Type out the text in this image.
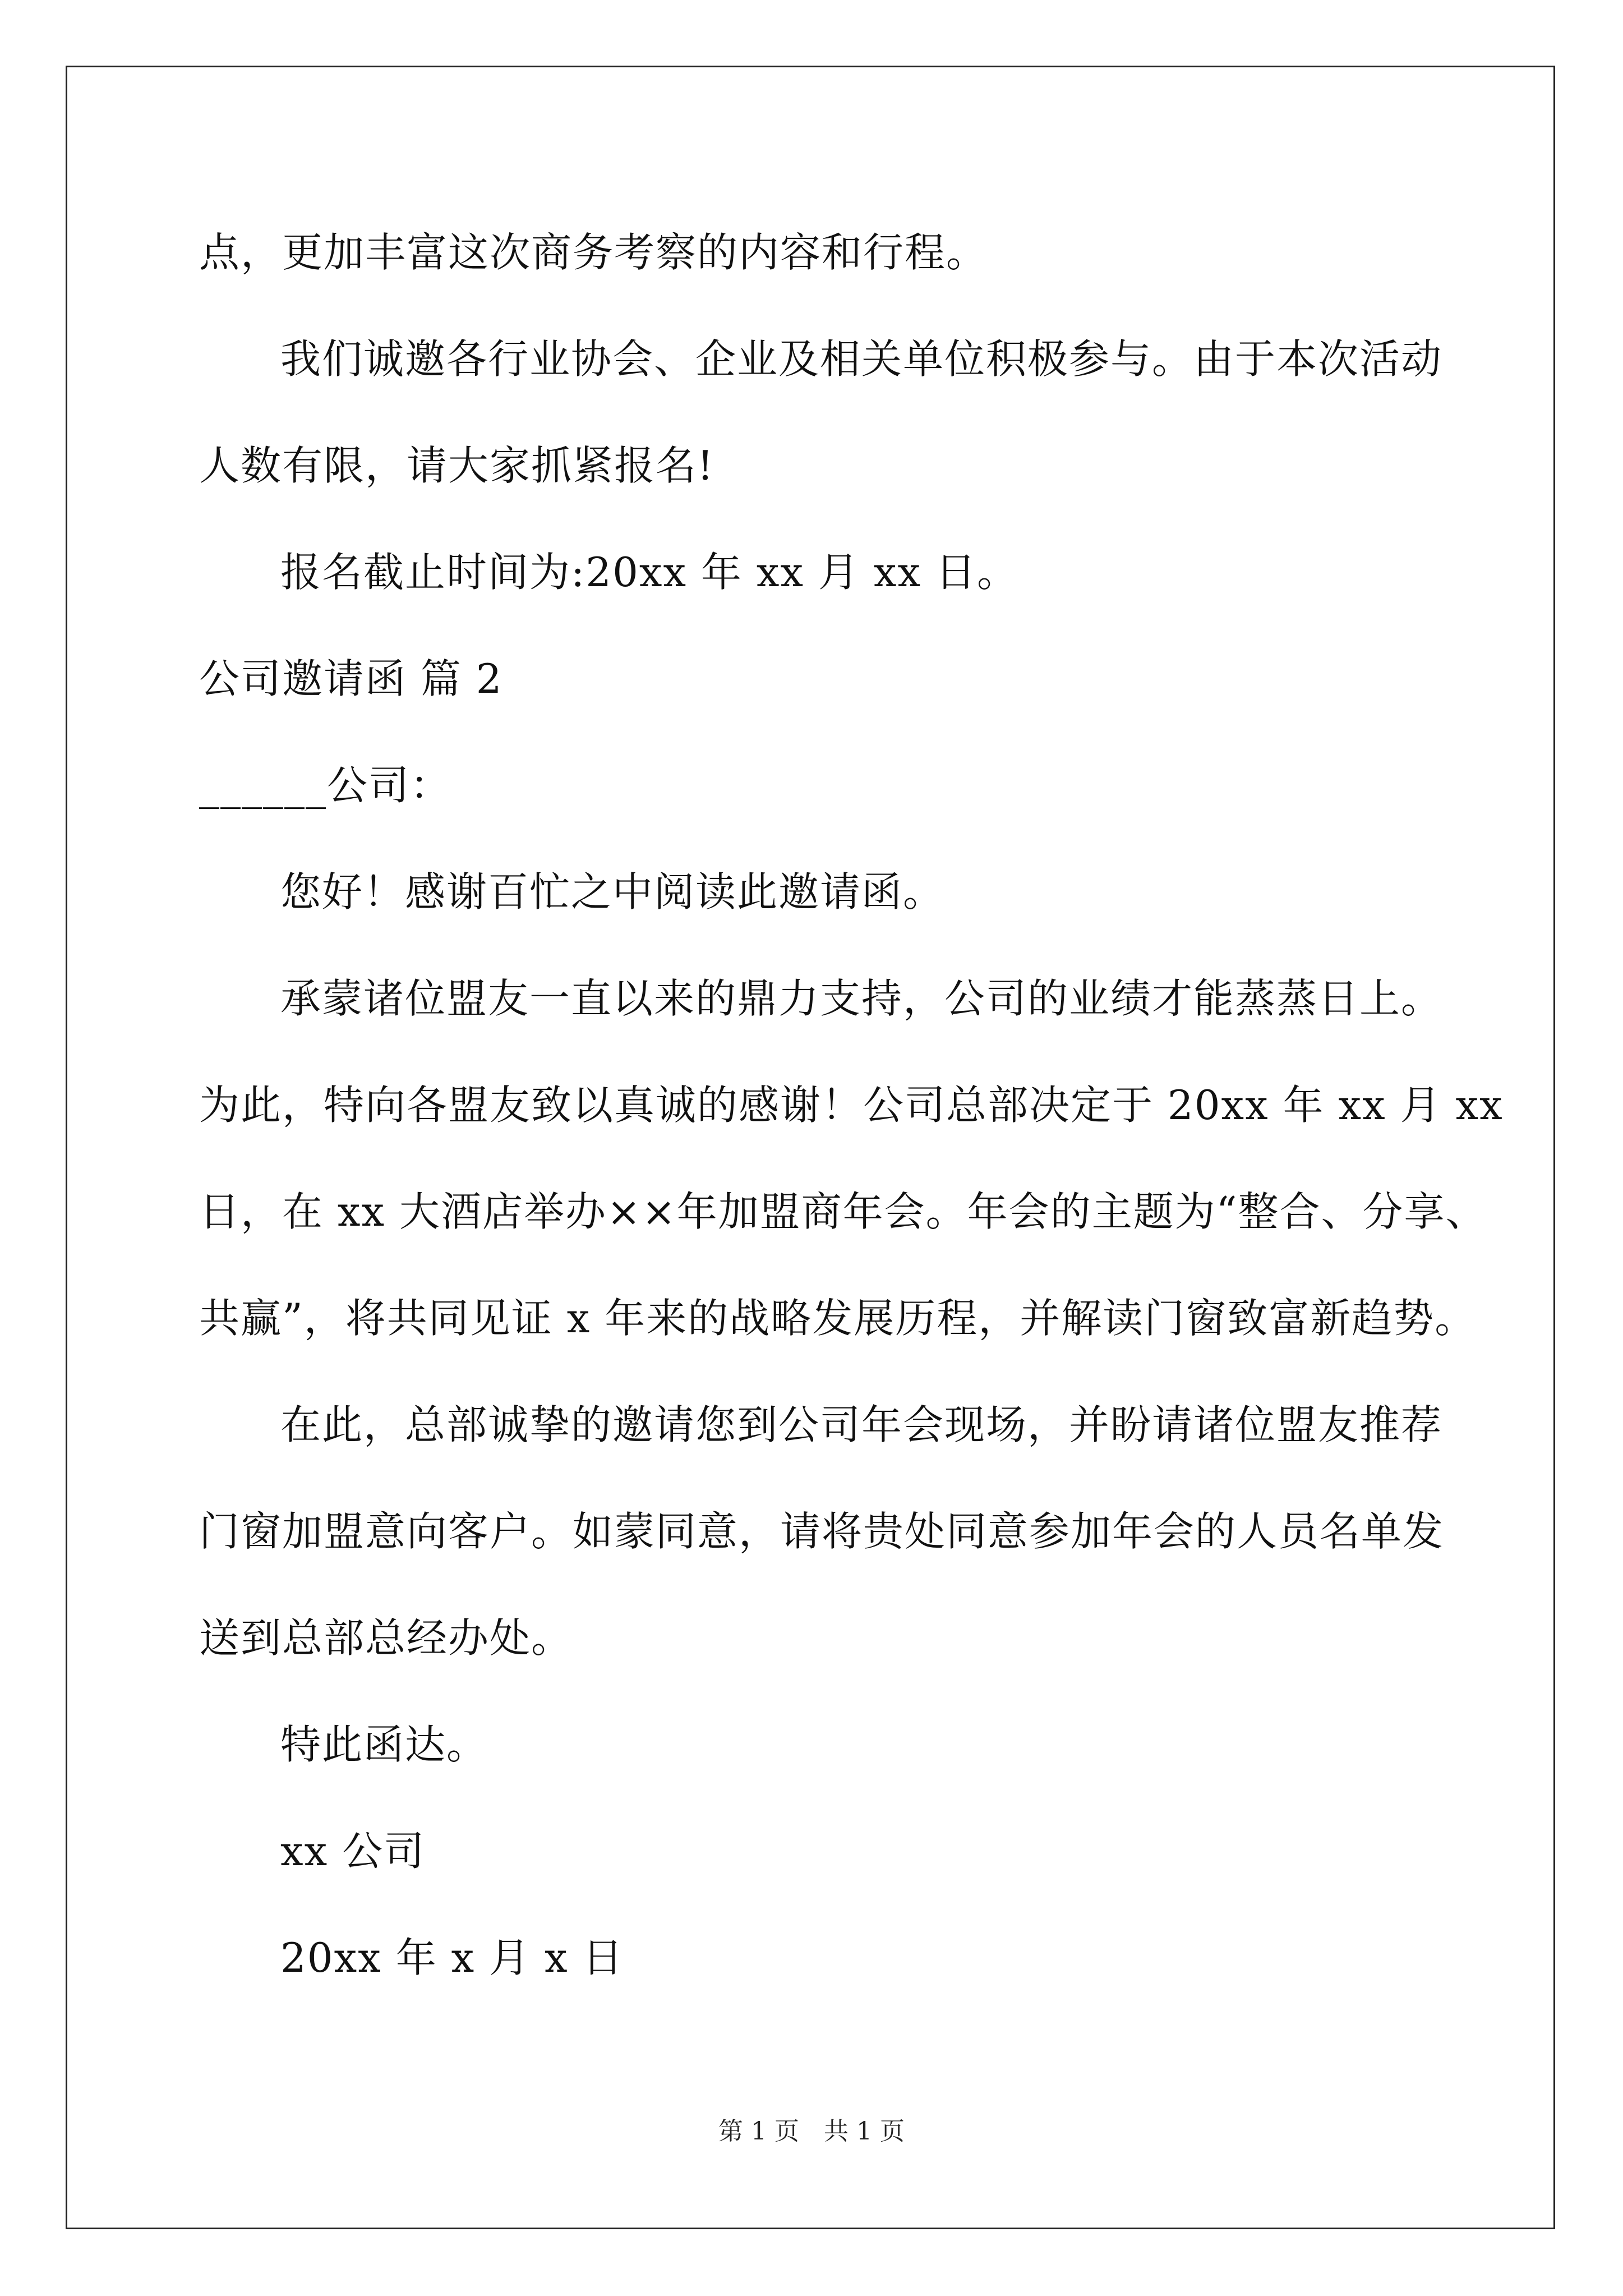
点，更加丰富这次商务考察的内容和行程。
我们诚邀各行业协会、企业及相关单位积极参与。由于本次活动
人数有限，请大家抓紧报名!
报名截止时间为:20xx 年 xx 月 xx 日。
公司邀请函 篇 2
______公司：
您好！感谢百忙之中阅读此邀请函。
承蒙诸位盟友一直以来的鼎力支持，公司的业绩才能蒸蒸日上。
为此，特向各盟友致以真诚的感谢！公司总部决定于 20xx 年 xx 月 xx
日，在 xx 大酒店举办××年加盟商年会。年会的主题为“整合、分享、
共赢”，将共同见证 x 年来的战略发展历程，并解读门窗致富新趋势。
在此，总部诚挚的邀请您到公司年会现场，并盼请诸位盟友推荐
门窗加盟意向客户。如蒙同意，请将贵处同意参加年会的人员名单发
送到总部总经办处。
特此函达。
xx 公司
20xx 年 x 月 x 日
第 1 页　共 1 页
